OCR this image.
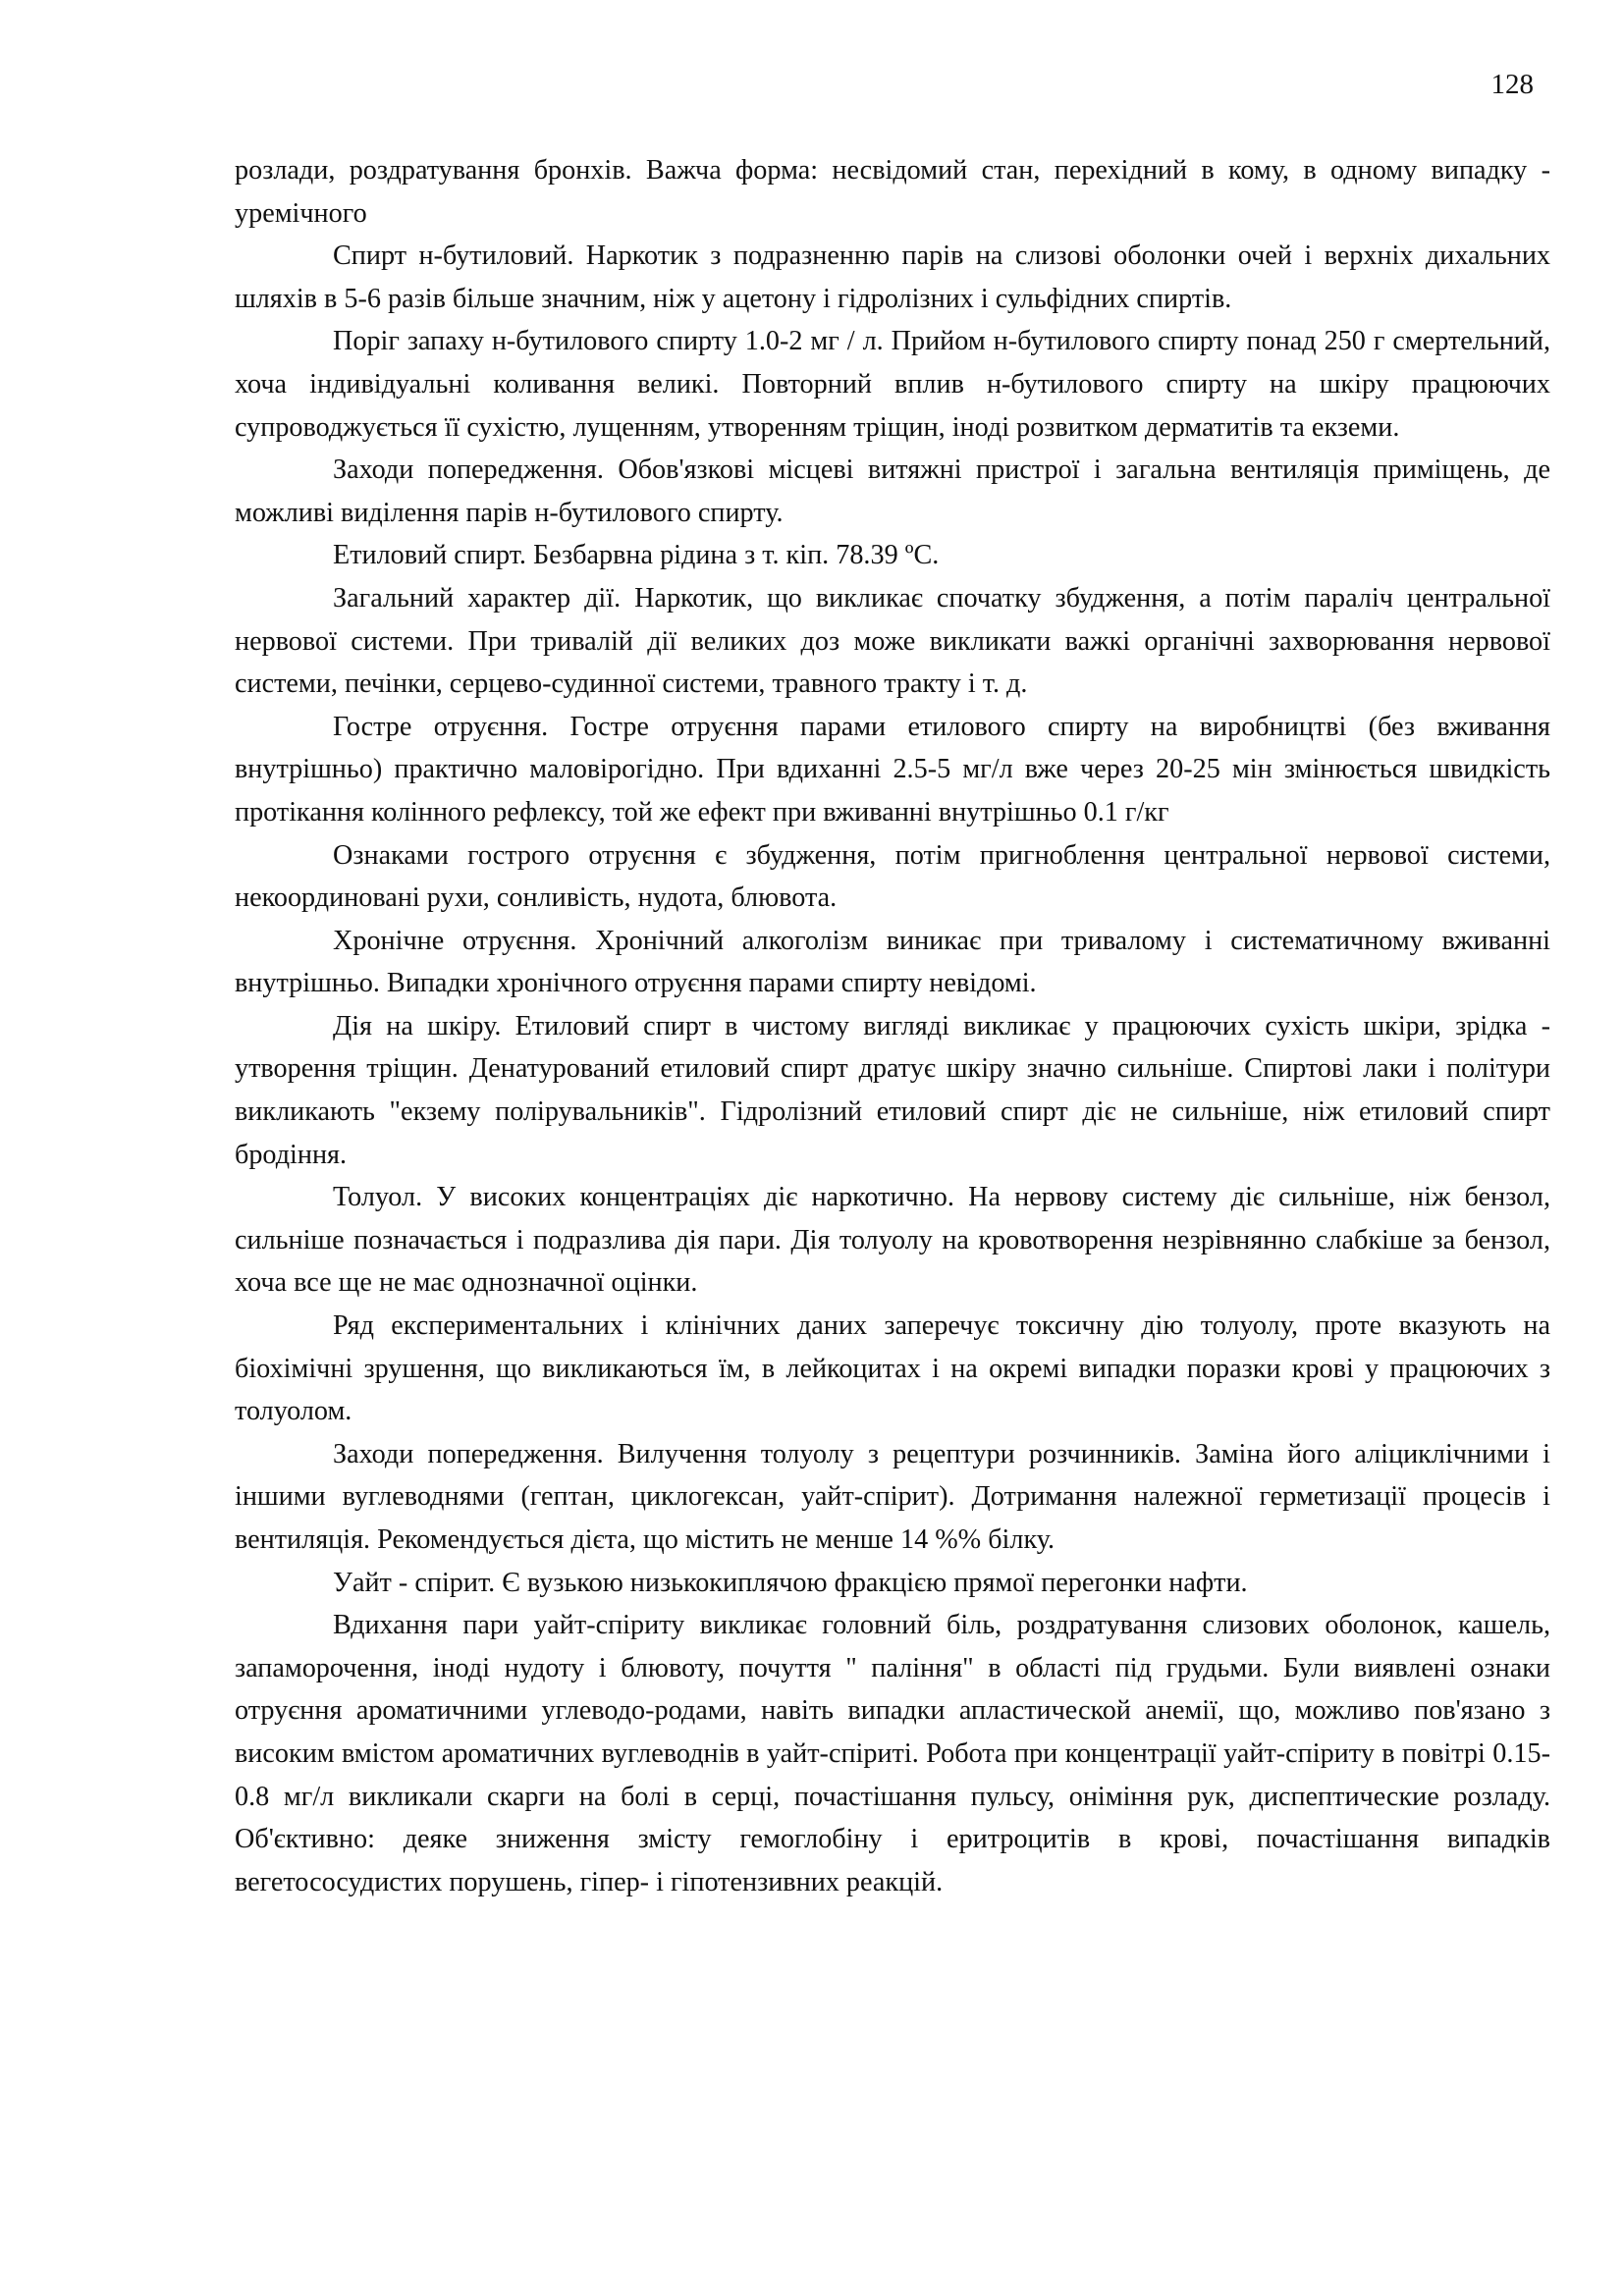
128

розлади, роздратування бронхів. Важча форма: несвідомий стан, перехідний в кому, в одному випадку - уремічного

Спирт н-бутиловий. Наркотик з подразненню парів на слизові оболонки очей і верхніх дихальних шляхів в 5-6 разів більше значним, ніж у ацетону і гідролізних і сульфідних спиртів.

Поріг запаху н-бутилового спирту 1.0-2 мг / л. Прийом н-бутилового спирту понад 250 г смертельний, хоча індивідуальні коливання великі. Повторний вплив н-бутилового спирту на шкіру працюючих супроводжується її сухістю, лущенням, утворенням тріщин, іноді розвитком дерматитів та екземи.

Заходи попередження. Обов'язкові місцеві витяжні пристрої і загальна вентиляція приміщень, де можливі виділення парів н-бутилового спирту.

Етиловий спирт. Безбарвна рідина з т. кіп. 78.39 ºС.

Загальний характер дії. Наркотик, що викликає спочатку збудження, а потім параліч центральної нервової системи. При тривалій дії великих доз може викликати важкі органічні захворювання нервової системи, печінки, серцево-судинної системи, травного тракту і т. д.

Гостре отруєння. Гостре отруєння парами етилового спирту на виробництві (без вживання внутрішньо) практично маловірогідно. При вдиханні 2.5-5 мг/л вже через 20-25 мін змінюється швидкість протікання колінного рефлексу, той же ефект при вживанні внутрішньо 0.1 г/кг

Ознаками гострого отруєння є збудження, потім пригноблення центральної нервової системи, некоординовані рухи, сонливість, нудота, блювота.

Хронічне отруєння. Хронічний алкоголізм виникає при тривалому і систематичному вживанні внутрішньо. Випадки хронічного отруєння парами спирту невідомі.

Дія на шкіру. Етиловий спирт в чистому вигляді викликає у працюючих сухість шкіри, зрідка - утворення тріщин. Денатурований етиловий спирт дратує шкіру значно сильніше. Спиртові лаки і політури викликають "екзему полірувальників". Гідролізний етиловий спирт діє не сильніше, ніж етиловий спирт бродіння.

Толуол. У високих концентраціях діє наркотично. На нервову систему діє сильніше, ніж бензол, сильніше позначається і подразлива дія пари. Дія толуолу на кровотворення незрівнянно слабкіше за бензол, хоча все ще не має однозначної оцінки.

Ряд експериментальних і клінічних даних заперечує токсичну дію толуолу, проте вказують на біохімічні зрушення, що викликаються їм, в лейкоцитах і на окремі випадки поразки крові у працюючих з толуолом.

Заходи попередження. Вилучення толуолу з рецептури розчинників. Заміна його аліциклічними і іншими вуглеводнями (гептан, циклогексан, уайт-спірит). Дотримання належної герметизації процесів і вентиляція. Рекомендується дієта, що містить не менше 14 %% білку.

Уайт - спірит. Є вузькою низькокиплячою фракцією прямої перегонки нафти.

Вдихання пари уайт-спіриту викликає головний біль, роздратування слизових оболонок, кашель, запаморочення, іноді нудоту і блювоту, почуття " паління" в області під грудьми. Були виявлені ознаки отруєння ароматичними углеводо-родами, навіть випадки апластической анемії, що, можливо пов'язано з високим вмістом ароматичних вуглеводнів в уайт-спіриті. Робота при концентрації уайт-спіриту в повітрі 0.15-0.8 мг/л викликали скарги на болі в серці, почастішання пульсу, оніміння рук, диспептические розладу. Об'єктивно: деяке зниження змісту гемоглобіну і еритроцитів в крові, почастішання випадків вегетососудистих порушень, гіпер- і гіпотензивних реакцій.
